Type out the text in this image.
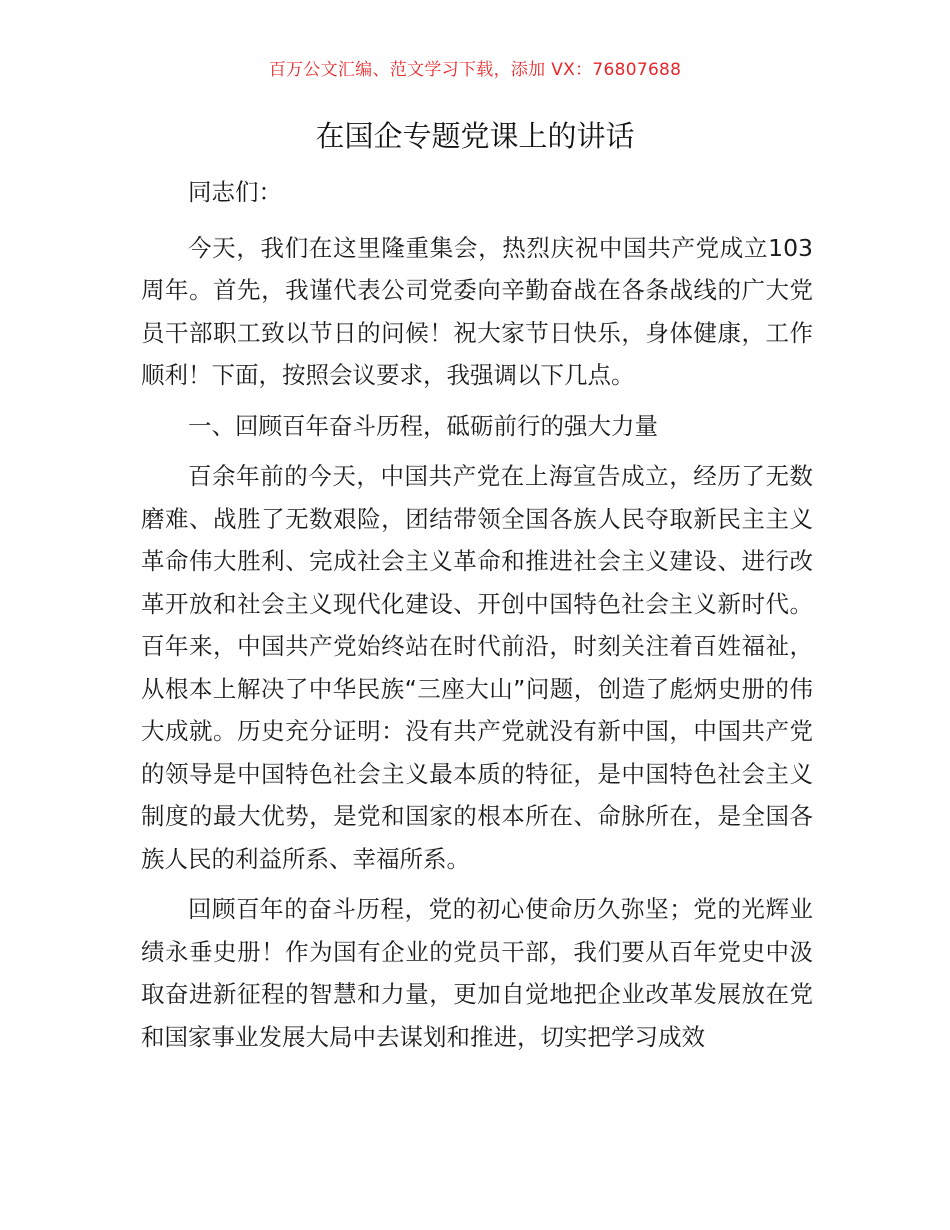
百万公文汇编、范文学习下载，添加 VX：76807688
在国企专题党课上的讲话

同志们：

今天，我们在这里隆重集会，热烈庆祝中国共产党成立103 周年。首先，我谨代表公司党委向辛勤奋战在各条战线的广大党员干部职工致以节日的问候！祝大家节日快乐，身体健康，工作顺利！下面，按照会议要求，我强调以下几点。

一、回顾百年奋斗历程，砥砺前行的强大力量

百余年前的今天，中国共产党在上海宣告成立，经历了无数磨难、战胜了无数艰险，团结带领全国各族人民夺取新民主主义革命伟大胜利、完成社会主义革命和推进社会主义建设、进行改革开放和社会主义现代化建设、开创中国特色社会主义新时代。百年来，中国共产党始终站在时代前沿，时刻关注着百姓福祉，从根本上解决了中华民族“三座大山”问题，创造了彪炳史册的伟大成就。历史充分证明：没有共产党就没有新中国，中国共产党的领导是中国特色社会主义最本质的特征，是中国特色社会主义制度的最大优势，是党和国家的根本所在、命脉所在，是全国各族人民的利益所系、幸福所系。

回顾百年的奋斗历程，党的初心使命历久弥坚；党的光辉业绩永垂史册！作为国有企业的党员干部，我们要从百年党史中汲取奋进新征程的智慧和力量，更加自觉地把企业改革发展放在党和国家事业发展大局中去谋划和推进，切实把学习成效
